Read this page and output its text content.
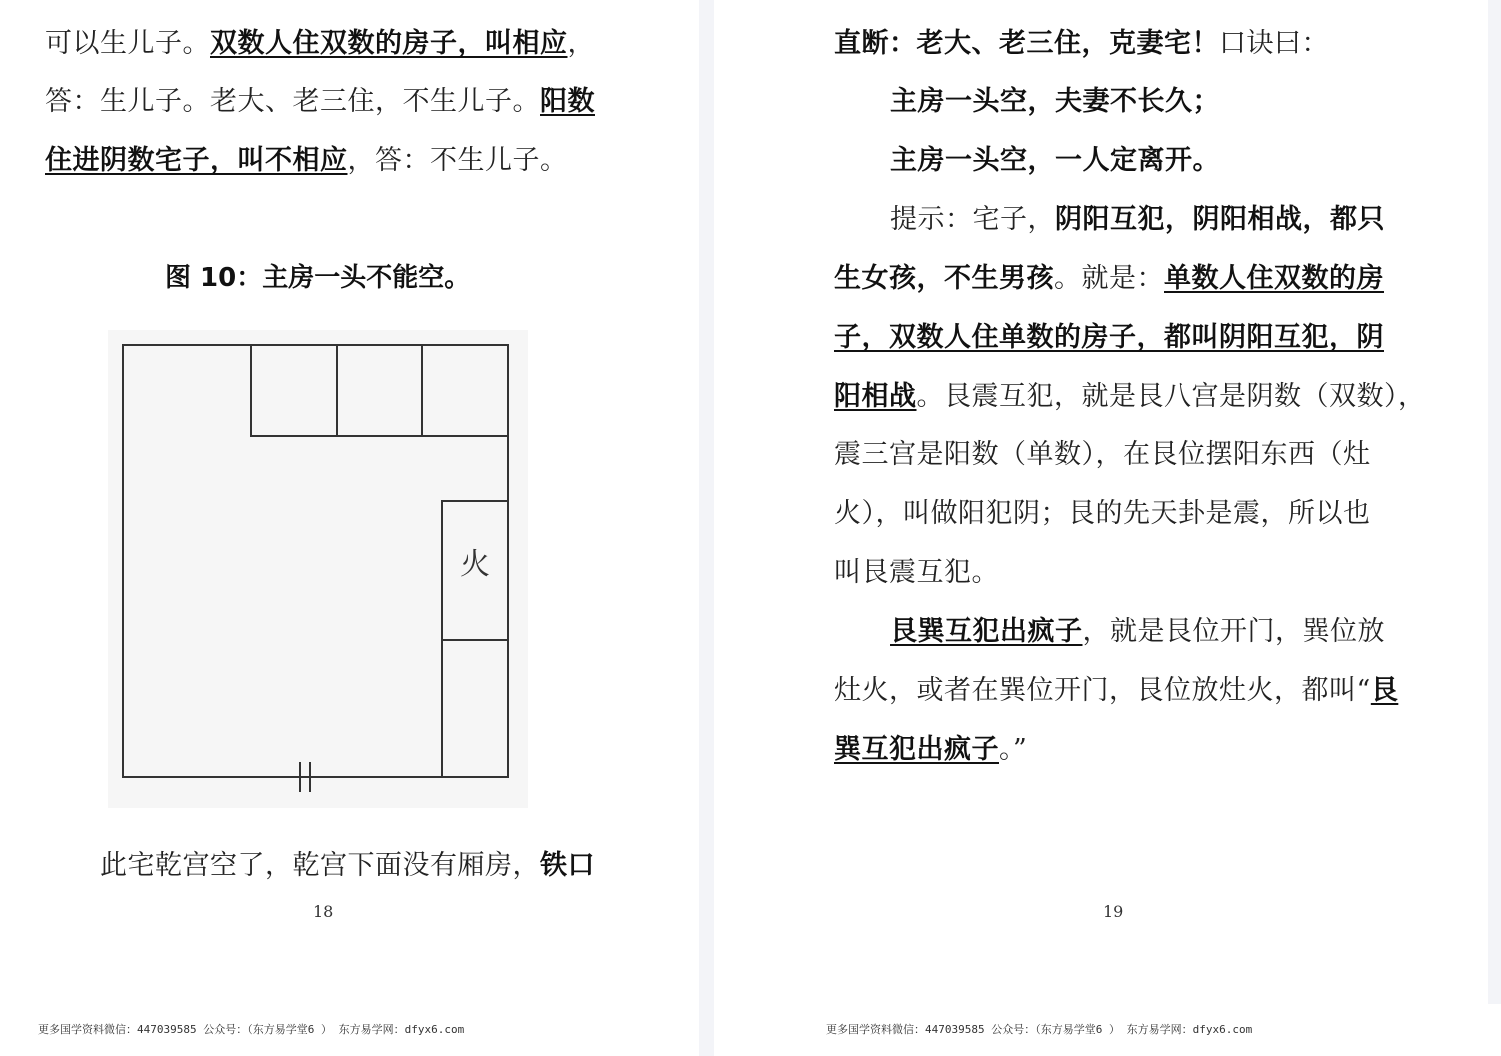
可以生儿子。双数人住双数的房子，叫相应，
答：生儿子。老大、老三住，不生儿子。阳数
住进阴数宅子，叫不相应，答：不生儿子。
图 10：主房一头不能空。
火
此宅乾宫空了，乾宫下面没有厢房，铁口
18
直断：老大、老三住，克妻宅！口诀曰：
主房一头空，夫妻不长久；
主房一头空，一人定离开。
提示：宅子，阴阳互犯，阴阳相战，都只
生女孩，不生男孩。就是：单数人住双数的房
子，双数人住单数的房子，都叫阴阳互犯，阴
阳相战。艮震互犯，就是艮八宫是阴数（双数），
震三宫是阳数（单数），在艮位摆阳东西（灶
火），叫做阳犯阴；艮的先天卦是震，所以也
叫艮震互犯。
艮巽互犯出疯子，就是艮位开门，巽位放
灶火，或者在巽位开门，艮位放灶火，都叫“艮
巽互犯出疯子。”
19
更多国学资料微信：447039585 公众号：（东方易学堂6 ） 东方易学网：dfyx6.com	更多国学资料微信：447039585 公众号：（东方易学堂6 ） 东方易学网：dfyx6.com
